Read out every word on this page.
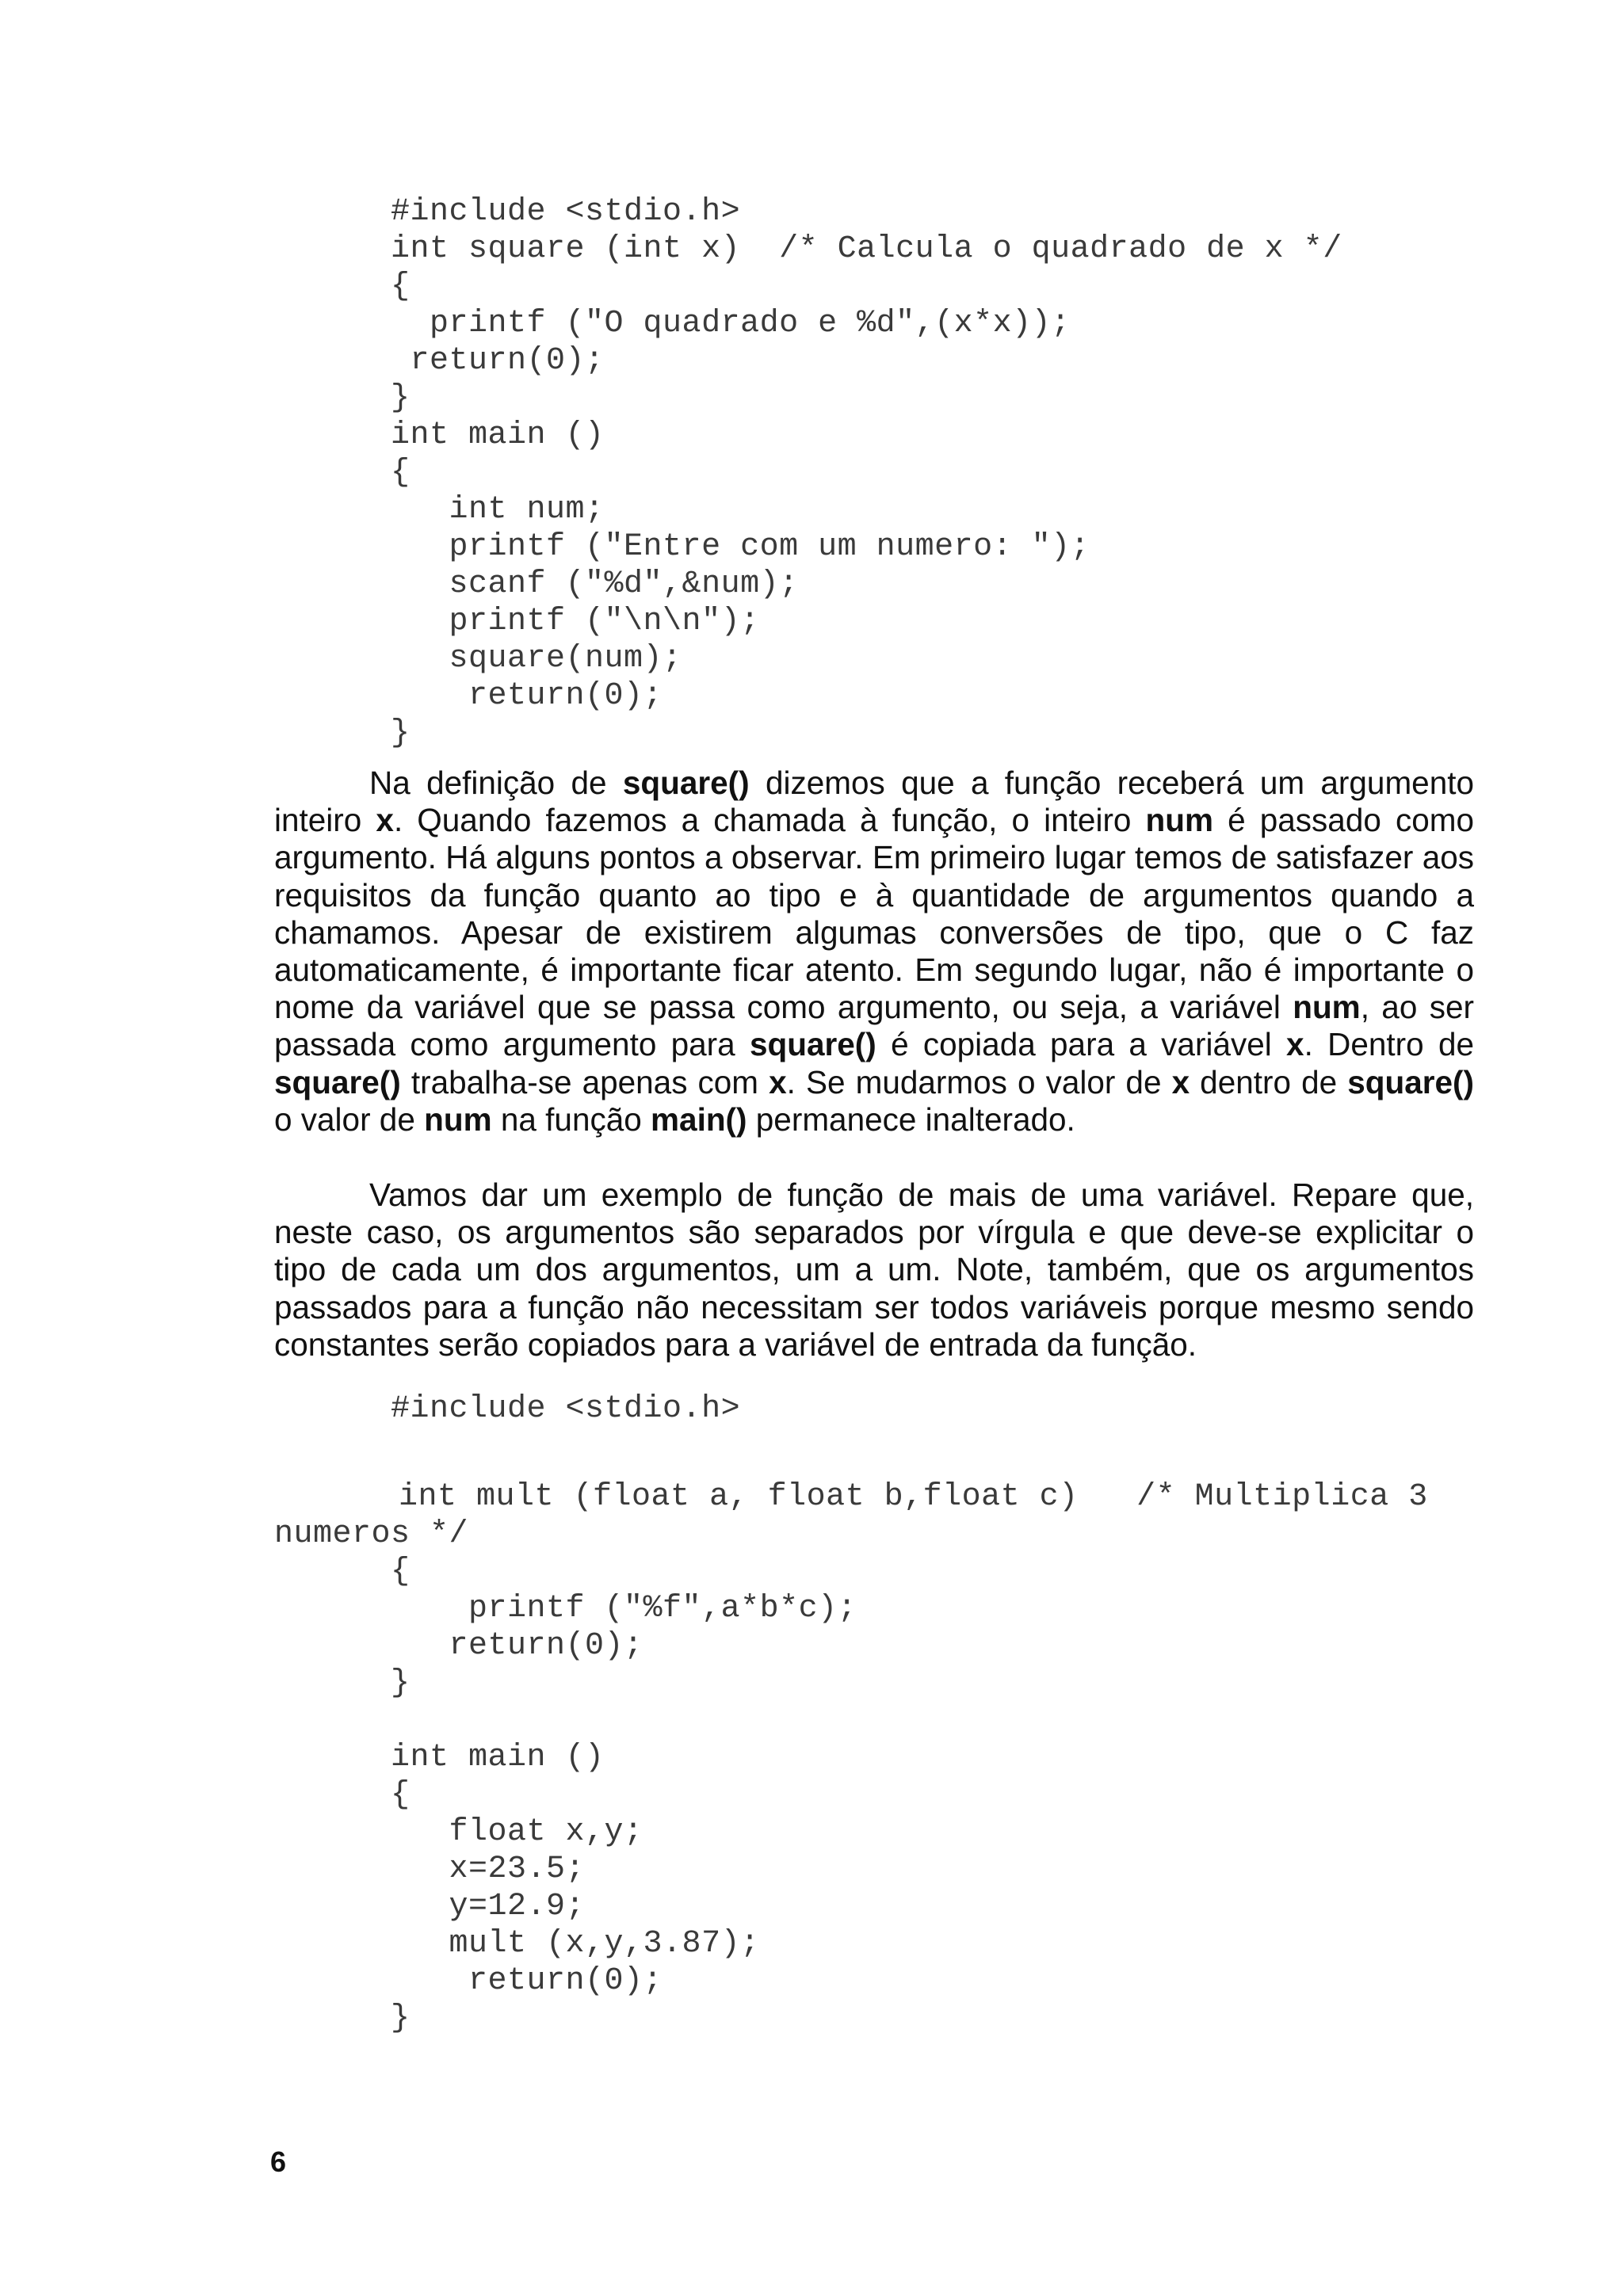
#include <stdio.h>
int square (int x)  /* Calcula o quadrado de x */
{
printf ("O quadrado e %d",(x*x));
return(0);
}
int main ()
{
int num;
printf ("Entre com um numero: ");
scanf ("%d",&num);
printf ("\n\n");
square(num);
return(0);
}

Na definição de square() dizemos que a função receberá um argumento inteiro x. Quando fazemos a chamada à função, o inteiro num é passado como argumento. Há alguns pontos a observar. Em primeiro lugar temos de satisfazer aos requisitos da função quanto ao tipo e à quantidade de argumentos quando a chamamos. Apesar de existirem algumas conversões de tipo, que o C faz automaticamente, é importante ficar atento. Em segundo lugar, não é importante o nome da variável que se passa como argumento, ou seja, a variável num, ao ser passada como argumento para square() é copiada para a variável x. Dentro de square() trabalha-se apenas com x. Se mudarmos o valor de x dentro de square() o valor de num na função main() permanece inalterado.

Vamos dar um exemplo de função de mais de uma variável. Repare que, neste caso, os argumentos são separados por vírgula e que deve-se explicitar o tipo de cada um dos argumentos, um a um. Note, também, que os argumentos passados para a função não necessitam ser todos variáveis porque mesmo sendo constantes serão copiados para a variável de entrada da função.

#include <stdio.h>
int mult (float a, float b,float c)   /* Multiplica 3
numeros */
{
printf ("%f",a*b*c);
return(0);
}
int main ()
{
float x,y;
x=23.5;
y=12.9;
mult (x,y,3.87);
return(0);
}
6
